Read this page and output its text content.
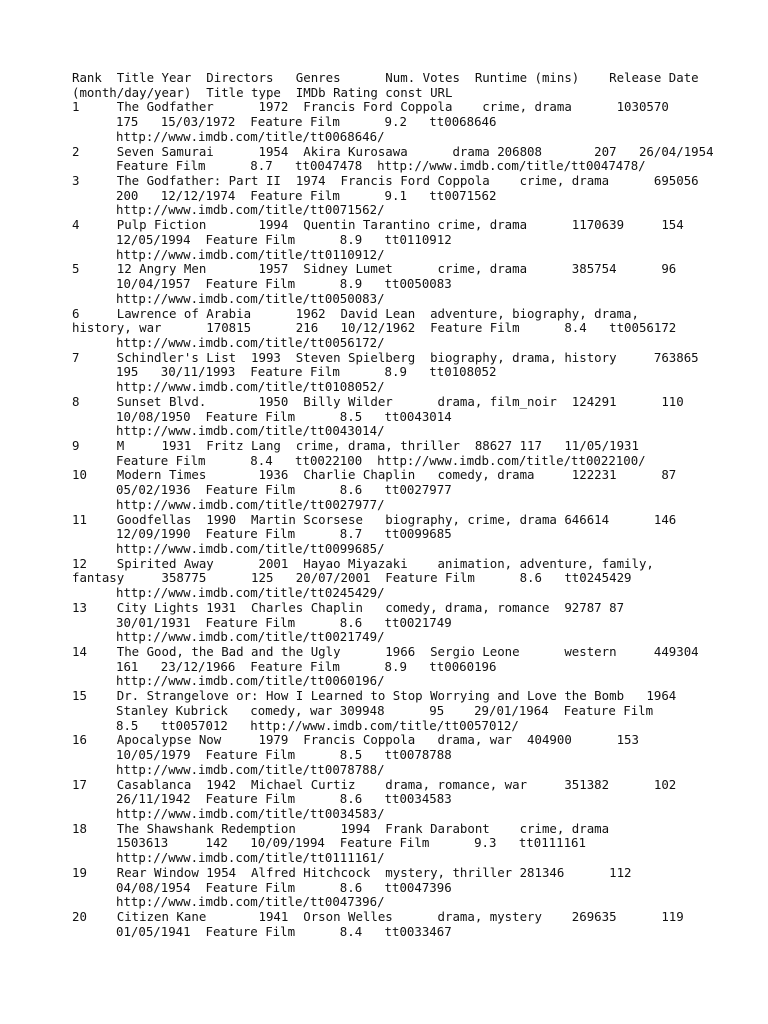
Rank  Title Year  Directors   Genres      Num. Votes  Runtime (mins)    Release Date
(month/day/year)  Title type  IMDb Rating const URL
1     The Godfather      1972  Francis Ford Coppola    crime, drama      1030570
175   15/03/1972  Feature Film      9.2   tt0068646
http://www.imdb.com/title/tt0068646/
2     Seven Samurai      1954  Akira Kurosawa      drama 206808       207   26/04/1954
Feature Film      8.7   tt0047478  http://www.imdb.com/title/tt0047478/
3     The Godfather: Part II  1974  Francis Ford Coppola    crime, drama      695056
200   12/12/1974  Feature Film      9.1   tt0071562
http://www.imdb.com/title/tt0071562/
4     Pulp Fiction       1994  Quentin Tarantino crime, drama      1170639     154
12/05/1994  Feature Film      8.9   tt0110912
http://www.imdb.com/title/tt0110912/
5     12 Angry Men       1957  Sidney Lumet      crime, drama      385754      96
10/04/1957  Feature Film      8.9   tt0050083
http://www.imdb.com/title/tt0050083/
6     Lawrence of Arabia      1962  David Lean  adventure, biography, drama,
history, war      170815      216   10/12/1962  Feature Film      8.4   tt0056172
http://www.imdb.com/title/tt0056172/
7     Schindler's List  1993  Steven Spielberg  biography, drama, history     763865
195   30/11/1993  Feature Film      8.9   tt0108052
http://www.imdb.com/title/tt0108052/
8     Sunset Blvd.       1950  Billy Wilder      drama, film_noir  124291      110
10/08/1950  Feature Film      8.5   tt0043014
http://www.imdb.com/title/tt0043014/
9     M     1931  Fritz Lang  crime, drama, thriller  88627 117   11/05/1931
Feature Film      8.4   tt0022100  http://www.imdb.com/title/tt0022100/
10    Modern Times       1936  Charlie Chaplin   comedy, drama     122231      87
05/02/1936  Feature Film      8.6   tt0027977
http://www.imdb.com/title/tt0027977/
11    Goodfellas  1990  Martin Scorsese   biography, crime, drama 646614      146
12/09/1990  Feature Film      8.7   tt0099685
http://www.imdb.com/title/tt0099685/
12    Spirited Away      2001  Hayao Miyazaki    animation, adventure, family,
fantasy     358775      125   20/07/2001  Feature Film      8.6   tt0245429
http://www.imdb.com/title/tt0245429/
13    City Lights 1931  Charles Chaplin   comedy, drama, romance  92787 87
30/01/1931  Feature Film      8.6   tt0021749
http://www.imdb.com/title/tt0021749/
14    The Good, the Bad and the Ugly      1966  Sergio Leone      western     449304
161   23/12/1966  Feature Film      8.9   tt0060196
http://www.imdb.com/title/tt0060196/
15    Dr. Strangelove or: How I Learned to Stop Worrying and Love the Bomb   1964
Stanley Kubrick   comedy, war 309948      95    29/01/1964  Feature Film
8.5   tt0057012   http://www.imdb.com/title/tt0057012/
16    Apocalypse Now     1979  Francis Coppola   drama, war  404900      153
10/05/1979  Feature Film      8.5   tt0078788
http://www.imdb.com/title/tt0078788/
17    Casablanca  1942  Michael Curtiz    drama, romance, war     351382      102
26/11/1942  Feature Film      8.6   tt0034583
http://www.imdb.com/title/tt0034583/
18    The Shawshank Redemption      1994  Frank Darabont    crime, drama
1503613     142   10/09/1994  Feature Film      9.3   tt0111161
http://www.imdb.com/title/tt0111161/
19    Rear Window 1954  Alfred Hitchcock  mystery, thriller 281346      112
04/08/1954  Feature Film      8.6   tt0047396
http://www.imdb.com/title/tt0047396/
20    Citizen Kane       1941  Orson Welles      drama, mystery    269635      119
01/05/1941  Feature Film      8.4   tt0033467
